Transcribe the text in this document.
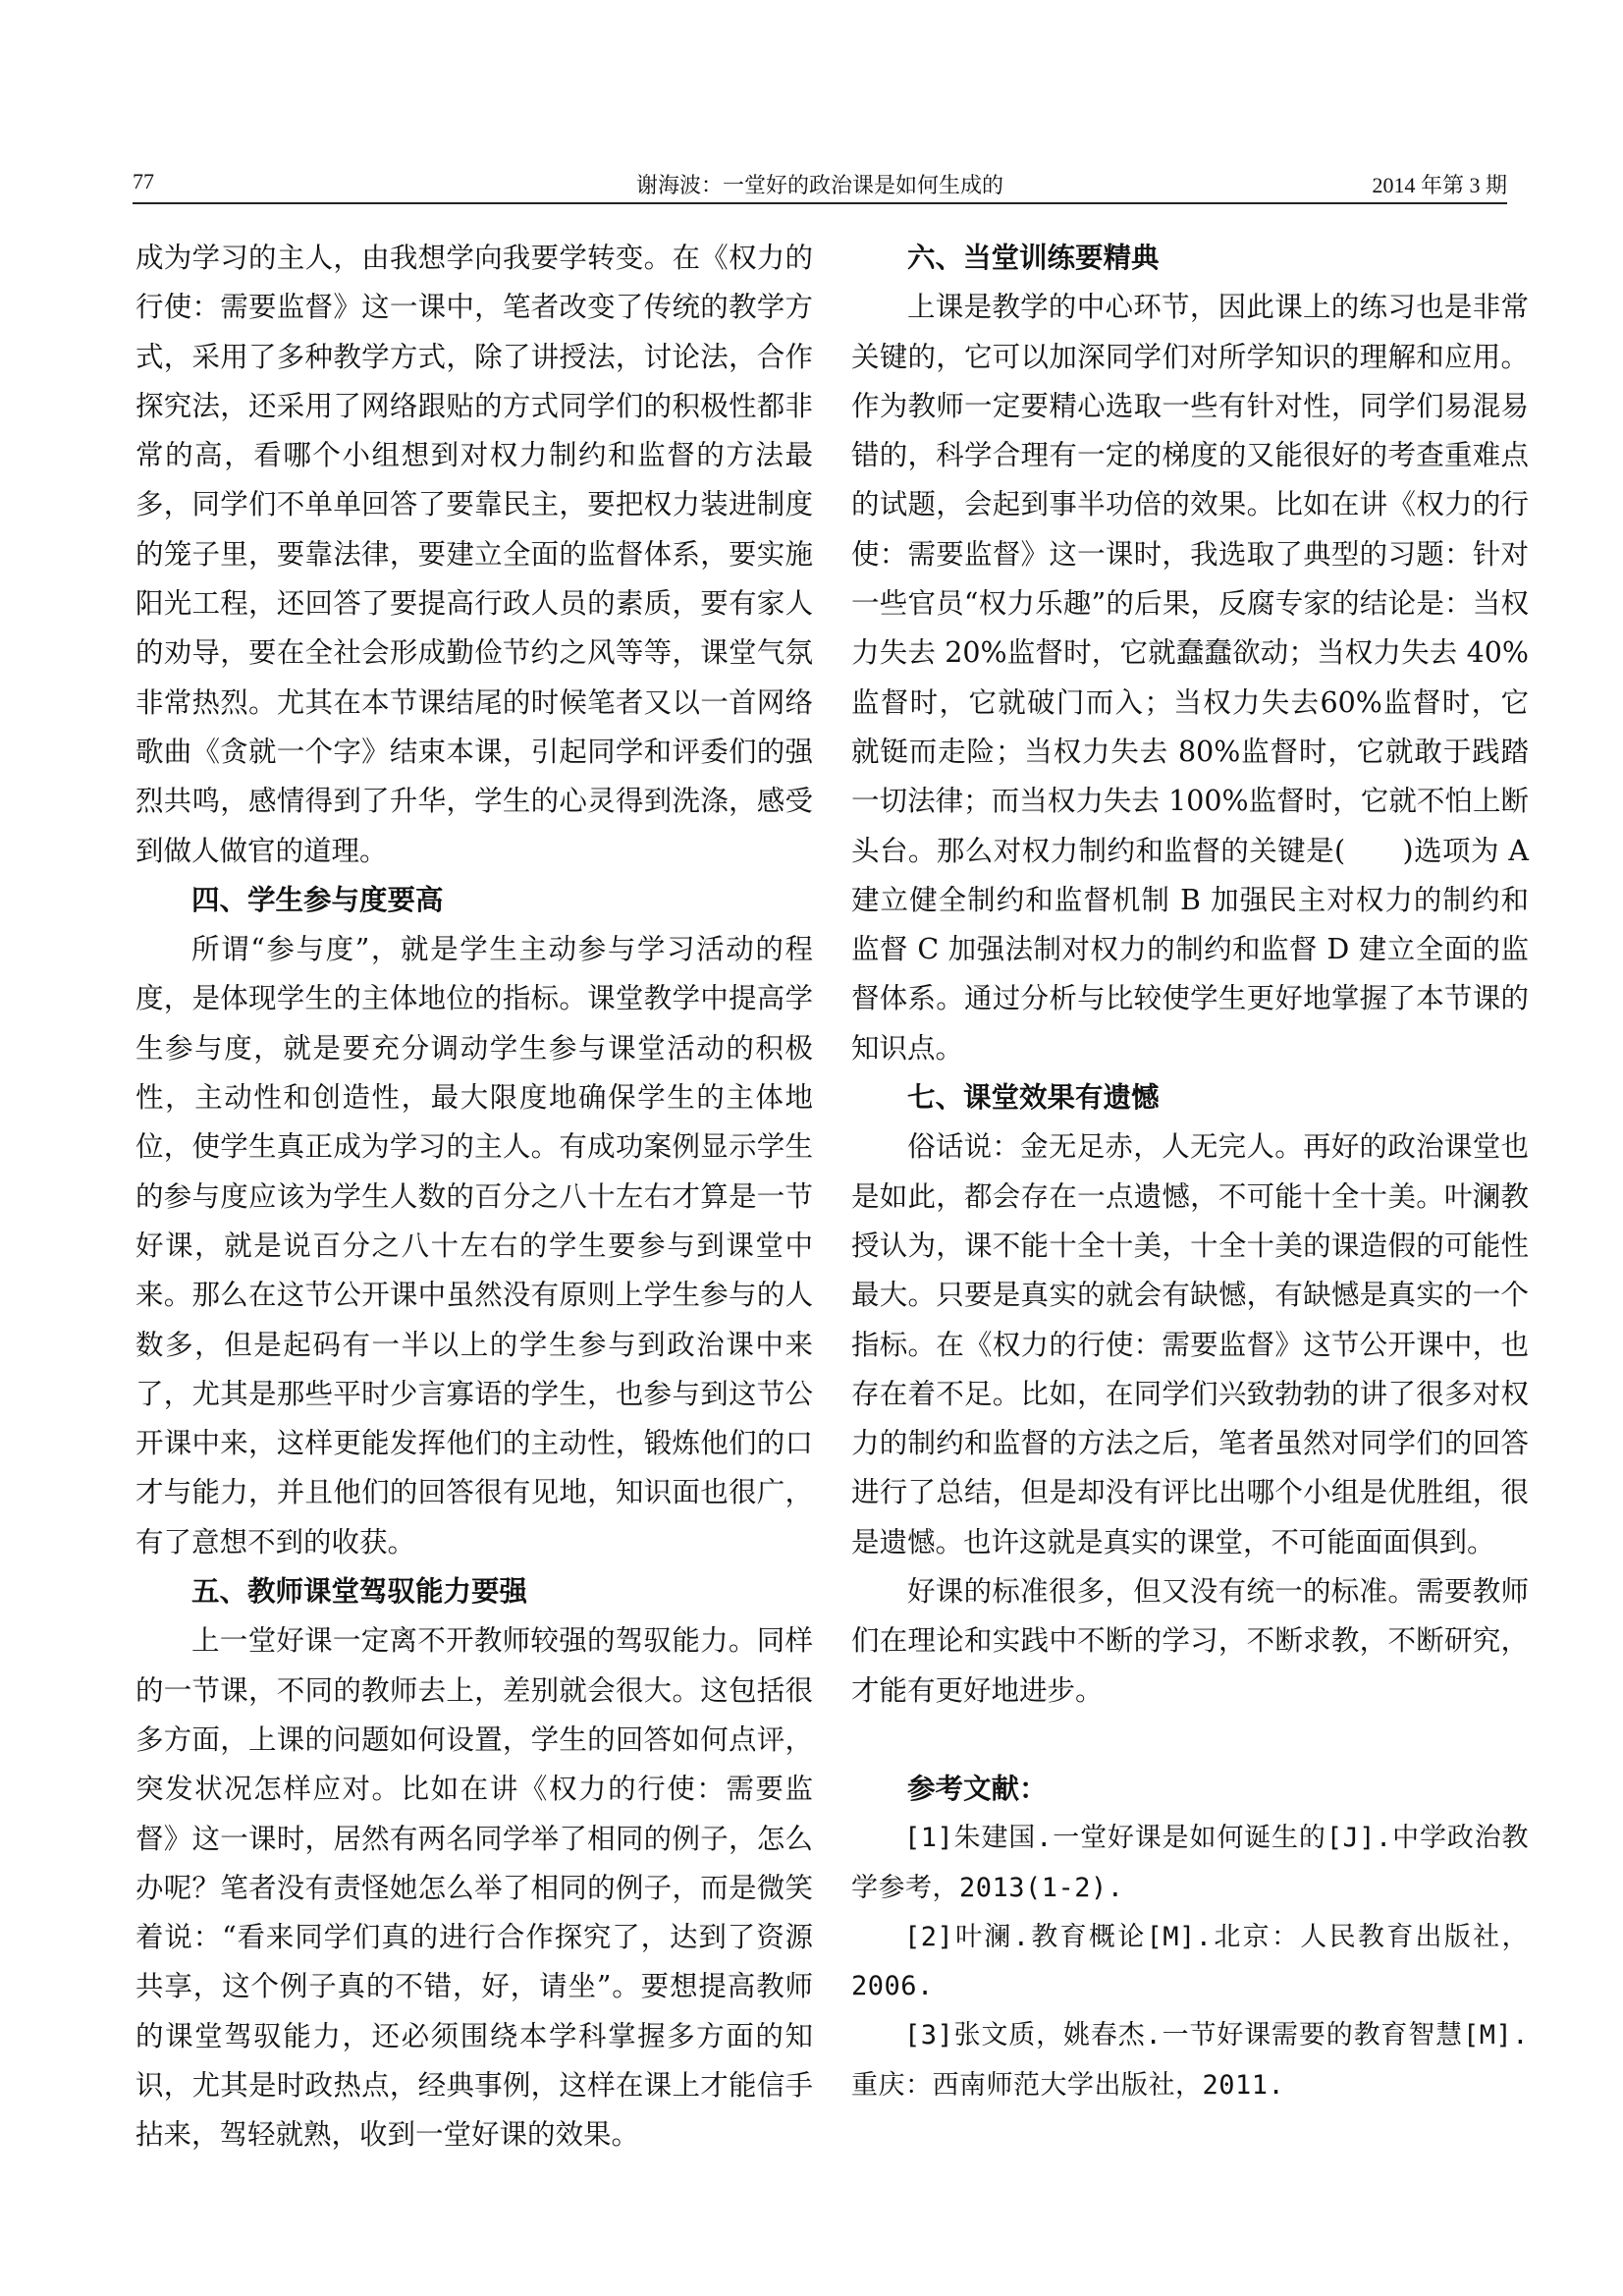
77	谢海波：一堂好的政治课是如何生成的	2014 年第 3 期

成为学习的主人，由我想学向我要学转变。在《权力的行使：需要监督》这一课中，笔者改变了传统的教学方式，采用了多种教学方式，除了讲授法，讨论法，合作探究法，还采用了网络跟贴的方式同学们的积极性都非常的高，看哪个小组想到对权力制约和监督的方法最多，同学们不单单回答了要靠民主，要把权力装进制度的笼子里，要靠法律，要建立全面的监督体系，要实施阳光工程，还回答了要提高行政人员的素质，要有家人的劝导，要在全社会形成勤俭节约之风等等，课堂气氛非常热烈。尤其在本节课结尾的时候笔者又以一首网络歌曲《贪就一个字》结束本课，引起同学和评委们的强烈共鸣，感情得到了升华，学生的心灵得到洗涤，感受到做人做官的道理。

四、学生参与度要高

所谓“参与度”，就是学生主动参与学习活动的程度，是体现学生的主体地位的指标。课堂教学中提高学生参与度，就是要充分调动学生参与课堂活动的积极性，主动性和创造性，最大限度地确保学生的主体地位，使学生真正成为学习的主人。有成功案例显示学生的参与度应该为学生人数的百分之八十左右才算是一节好课，就是说百分之八十左右的学生要参与到课堂中来。那么在这节公开课中虽然没有原则上学生参与的人数多，但是起码有一半以上的学生参与到政治课中来了，尤其是那些平时少言寡语的学生，也参与到这节公开课中来，这样更能发挥他们的主动性，锻炼他们的口才与能力，并且他们的回答很有见地，知识面也很广，有了意想不到的收获。

五、教师课堂驾驭能力要强

上一堂好课一定离不开教师较强的驾驭能力。同样的一节课，不同的教师去上，差别就会很大。这包括很多方面，上课的问题如何设置，学生的回答如何点评，突发状况怎样应对。比如在讲《权力的行使：需要监督》这一课时，居然有两名同学举了相同的例子，怎么办呢？笔者没有责怪她怎么举了相同的例子，而是微笑着说：“看来同学们真的进行合作探究了，达到了资源共享，这个例子真的不错，好，请坐”。要想提高教师的课堂驾驭能力，还必须围绕本学科掌握多方面的知识，尤其是时政热点，经典事例，这样在课上才能信手拈来，驾轻就熟，收到一堂好课的效果。

六、当堂训练要精典

上课是教学的中心环节，因此课上的练习也是非常关键的，它可以加深同学们对所学知识的理解和应用。作为教师一定要精心选取一些有针对性，同学们易混易错的，科学合理有一定的梯度的又能很好的考查重难点的试题，会起到事半功倍的效果。比如在讲《权力的行使：需要监督》这一课时，我选取了典型的习题：针对一些官员“权力乐趣”的后果，反腐专家的结论是：当权力失去 20%监督时，它就蠢蠢欲动；当权力失去 40%监督时，它就破门而入；当权力失去60%监督时，它就铤而走险；当权力失去 80%监督时，它就敢于践踏一切法律；而当权力失去 100%监督时，它就不怕上断头台。那么对权力制约和监督的关键是(　　)选项为 A 建立健全制约和监督机制 B 加强民主对权力的制约和监督 C 加强法制对权力的制约和监督 D 建立全面的监督体系。通过分析与比较使学生更好地掌握了本节课的知识点。

七、课堂效果有遗憾

俗话说：金无足赤，人无完人。再好的政治课堂也是如此，都会存在一点遗憾，不可能十全十美。叶澜教授认为，课不能十全十美，十全十美的课造假的可能性最大。只要是真实的就会有缺憾，有缺憾是真实的一个指标。在《权力的行使：需要监督》这节公开课中，也存在着不足。比如，在同学们兴致勃勃的讲了很多对权力的制约和监督的方法之后，笔者虽然对同学们的回答进行了总结，但是却没有评比出哪个小组是优胜组，很是遗憾。也许这就是真实的课堂，不可能面面俱到。

好课的标准很多，但又没有统一的标准。需要教师们在理论和实践中不断的学习，不断求教，不断研究，才能有更好地进步。

参考文献：

[1]朱建国.一堂好课是如何诞生的[J].中学政治教学参考，2013(1-2).

[2]叶澜.教育概论[M].北京：人民教育出版社，2006.

[3]张文质，姚春杰.一节好课需要的教育智慧[M].重庆：西南师范大学出版社，2011.
